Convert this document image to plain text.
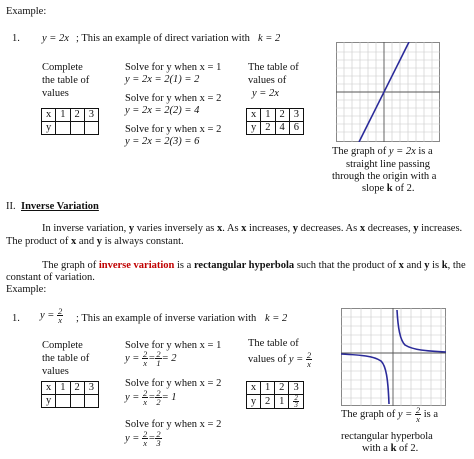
Example:
1. y = 2x ; This an example of direct variation with k = 2
Complete
the table of
values
x	1	2	3
y			
Solve for y when x = 1
y = 2x = 2(1) = 2
Solve for y when x = 2
y = 2x = 2(2) = 4
Solve for y when x = 2
y = 2x = 2(3) = 6
The table of
values of
y = 2x
x	1	2	3
y	2	4	6
The graph of y = 2x is a
straight line passing
through the origin with a
slope k of 2.
II. Inverse Variation
In inverse variation, y varies inversely as x. As x increases, y decreases. As x decreases, y increases.
The product of x and y is always constant.
The graph of inverse variation is a rectangular hyperbola such that the product of x and y is k, the
constant of variation.
Example:
1. $y = \frac{2}{x}$ ; This an example of inverse variation with k = 2
Complete
the table of
values
x	1	2	3
y			
Solve for y when x = 1
$y = \frac{2}{x} = \frac{2}{1} = 2$
Solve for y when x = 2
$y = \frac{2}{x} = \frac{2}{2} = 1$
Solve for y when x = 2
$y = \frac{2}{x} = \frac{2}{3}$
The table of
values of $y = \frac{2}{x}$
x	1	2	3
y	2	1	$\frac{2}{3}$
The graph of $y = \frac{2}{x}$ is a
rectangular hyperbola
with a k of 2.
